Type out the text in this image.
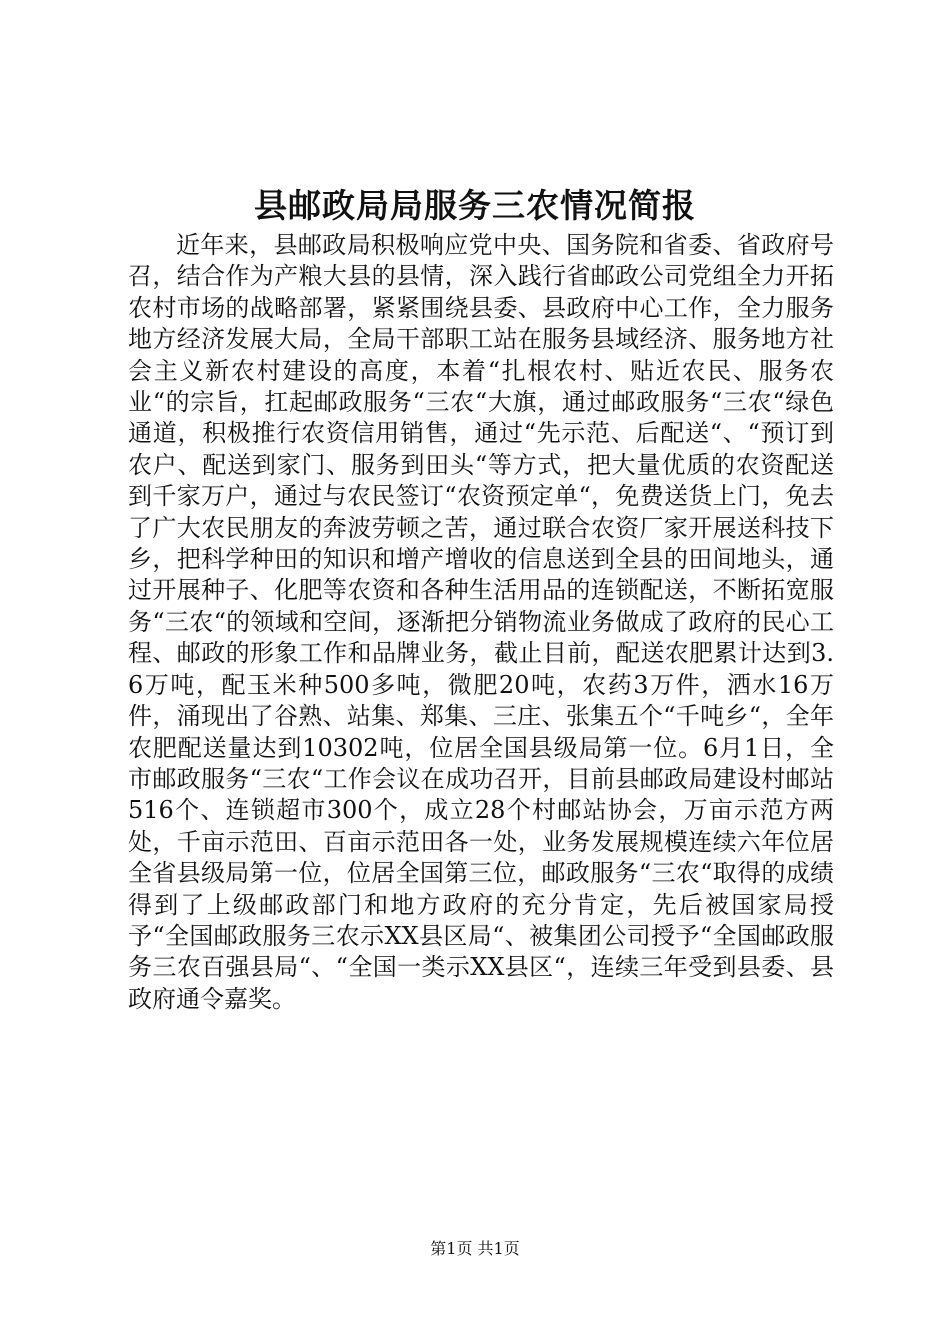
县邮政局局服务三农情况简报

近年来，县邮政局积极响应党中央、国务院和省委、省政府号召，结合作为产粮大县的县情，深入践行省邮政公司党组全力开拓农村市场的战略部署，紧紧围绕县委、县政府中心工作，全力服务地方经济发展大局，全局干部职工站在服务县域经济、服务地方社会主义新农村建设的高度，本着“扎根农村、贴近农民、服务农业“的宗旨，扛起邮政服务“三农“大旗，通过邮政服务“三农“绿色通道，积极推行农资信用销售，通过“先示范、后配送“、“预订到农户、配送到家门、服务到田头“等方式，把大量优质的农资配送到千家万户，通过与农民签订“农资预定单“，免费送货上门，免去了广大农民朋友的奔波劳顿之苦，通过联合农资厂家开展送科技下乡，把科学种田的知识和增产增收的信息送到全县的田间地头，通过开展种子、化肥等农资和各种生活用品的连锁配送，不断拓宽服务“三农“的领域和空间，逐渐把分销物流业务做成了政府的民心工程、邮政的形象工作和品牌业务，截止目前，配送农肥累计达到3.6万吨，配玉米种500多吨，微肥20吨，农药3万件，洒水16万件，涌现出了谷熟、站集、郑集、三庄、张集五个“千吨乡“，全年农肥配送量达到10302吨，位居全国县级局第一位。6月1日，全市邮政服务“三农“工作会议在成功召开，目前县邮政局建设村邮站516个、连锁超市300个，成立28个村邮站协会，万亩示范方两处，千亩示范田、百亩示范田各一处，业务发展规模连续六年位居全省县级局第一位，位居全国第三位，邮政服务“三农“取得的成绩得到了上级邮政部门和地方政府的充分肯定，先后被国家局授予“全国邮政服务三农示XX县区局“、被集团公司授予“全国邮政服务三农百强县局“、“全国一类示XX县区“，连续三年受到县委、县政府通令嘉奖。

第1页 共1页
